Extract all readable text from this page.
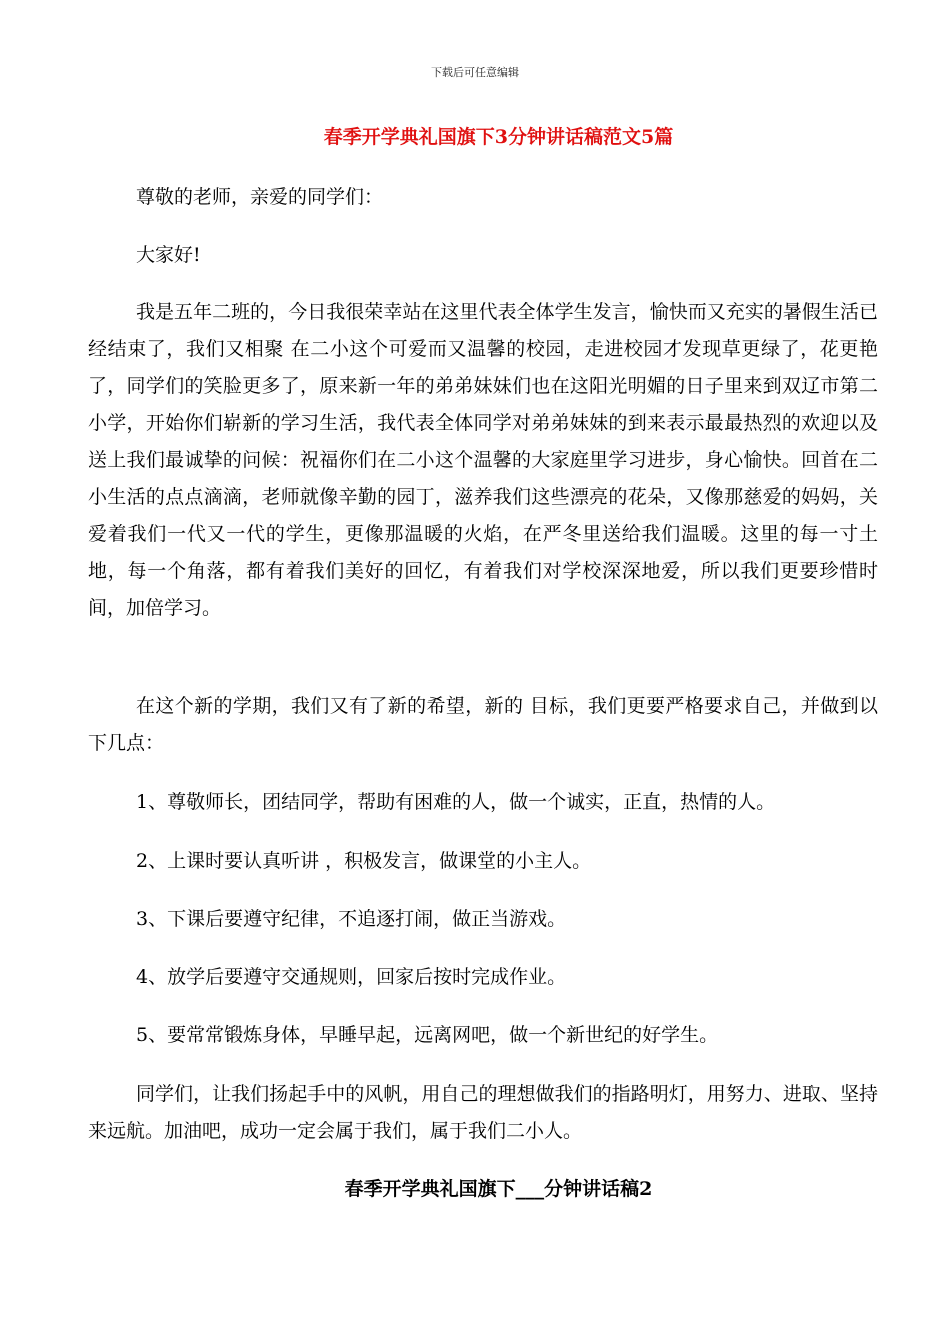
下载后可任意编辑
春季开学典礼国旗下3分钟讲话稿范文5篇

尊敬的老师，亲爱的同学们：

大家好!

我是五年二班的，今日我很荣幸站在这里代表全体学生发言，愉快而又充实的暑假生活已经结束了，我们又相聚 在二小这个可爱而又温馨的校园，走进校园才发现草更绿了，花更艳了，同学们的笑脸更多了，原来新一年的弟弟妹妹们也在这阳光明媚的日子里来到双辽市第二小学，开始你们崭新的学习生活，我代表全体同学对弟弟妹妹的到来表示最最热烈的欢迎以及送上我们最诚挚的问候：祝福你们在二小这个温馨的大家庭里学习进步，身心愉快。回首在二小生活的点点滴滴，老师就像辛勤的园丁，滋养我们这些漂亮的花朵，又像那慈爱的妈妈，关爱着我们一代又一代的学生，更像那温暖的火焰，在严冬里送给我们温暖。这里的每一寸土地，每一个角落，都有着我们美好的回忆，有着我们对学校深深地爱，所以我们更要珍惜时间，加倍学习。

在这个新的学期，我们又有了新的希望，新的 目标，我们更要严格要求自己，并做到以下几点：

1、尊敬师长，团结同学，帮助有困难的人，做一个诚实，正直，热情的人。

2、上课时要认真听讲 ，积极发言，做课堂的小主人。

3、下课后要遵守纪律，不追逐打闹，做正当游戏。

4、放学后要遵守交通规则，回家后按时完成作业。

5、要常常锻炼身体，早睡早起，远离网吧，做一个新世纪的好学生。

同学们，让我们扬起手中的风帆，用自己的理想做我们的指路明灯，用努力、进取、坚持来远航。加油吧，成功一定会属于我们，属于我们二小人。

春季开学典礼国旗下___分钟讲话稿2
